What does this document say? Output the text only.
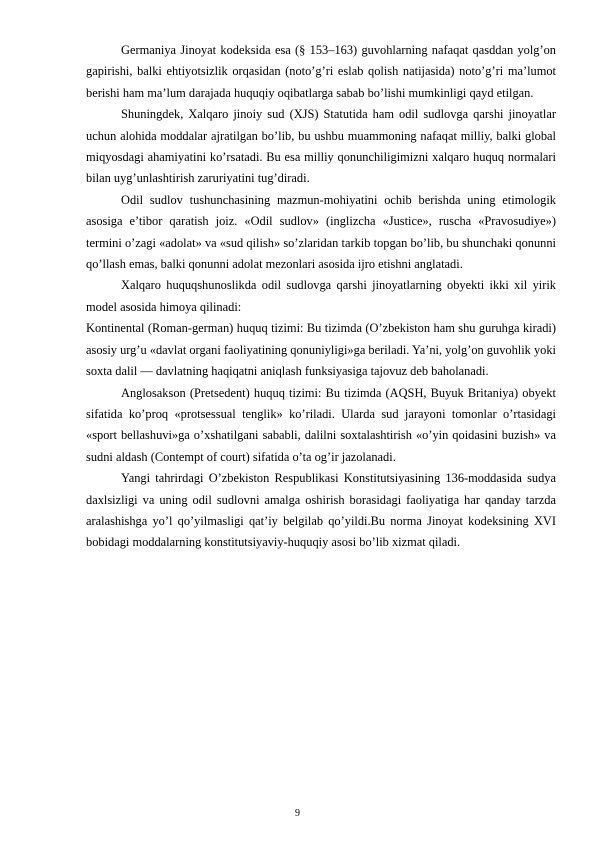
Germaniya Jinoyat kodeksida esa (§ 153–163) guvohlarning nafaqat qasddan yolg’on gapirishi, balki ehtiyotsizlik orqasidan (noto’g’ri eslab qolish natijasida) noto’g’ri ma’lumot berishi ham ma’lum darajada huquqiy oqibatlarga sabab bo’lishi mumkinligi qayd etilgan.

Shuningdek, Xalqaro jinoiy sud (XJS) Statutida ham odil sudlovga qarshi jinoyatlar uchun alohida moddalar ajratilgan bo’lib, bu ushbu muammoning nafaqat milliy, balki global miqyosdagi ahamiyatini ko’rsatadi. Bu esa milliy qonunchiligimizni xalqaro huquq normalari bilan uyg’unlashtirish zaruriyatini tug’diradi.

Odil sudlov tushunchasining mazmun-mohiyatini ochib berishda uning etimologik asosiga e’tibor qaratish joiz. «Odil sudlov» (inglizcha «Justice», ruscha «Pravosudiye») termini o’zagi «adolat» va «sud qilish» so’zlaridan tarkib topgan bo’lib, bu shunchaki qonunni qo’llash emas, balki qonunni adolat mezonlari asosida ijro etishni anglatadi.

Xalqaro huquqshunoslikda odil sudlovga qarshi jinoyatlarning obyekti ikki xil yirik model asosida himoya qilinadi:

Kontinental (Roman-german) huquq tizimi: Bu tizimda (O’zbekiston ham shu guruhga kiradi) asosiy urg’u «davlat organi faoliyatining qonuniyligi»ga beriladi. Ya’ni, yolg’on guvohlik yoki soxta dalil — davlatning haqiqatni aniqlash funksiyasiga tajovuz deb baholanadi.

Anglosakson (Pretsedent) huquq tizimi: Bu tizimda (AQSH, Buyuk Britaniya) obyekt sifatida ko’proq «protsessual tenglik» ko’riladi. Ularda sud jarayoni tomonlar o’rtasidagi «sport bellashuvi»ga o’xshatilgani sababli, dalilni soxtalashtirish «o’yin qoidasini buzish» va sudni aldash (Contempt of court) sifatida o’ta og’ir jazolanadi.

Yangi tahrirdagi O’zbekiston Respublikasi Konstitutsiyasining 136-moddasida sudya daxlsizligi va uning odil sudlovni amalga oshirish borasidagi faoliyatiga har qanday tarzda aralashishga yo’l qo’yilmasligi qat’iy belgilab qo’yildi.Bu norma Jinoyat kodeksining XVI bobidagi moddalarning konstitutsiyaviy-huquqiy asosi bo’lib xizmat qiladi.

9
